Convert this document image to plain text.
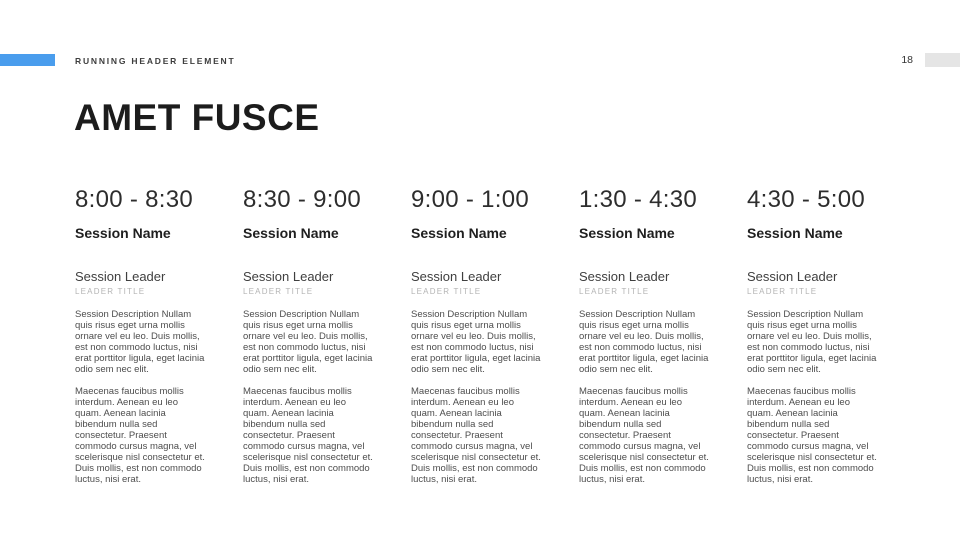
RUNNING HEADER ELEMENT	18
AMET FUSCE
8:00 - 8:30
Session Name
Session Leader
LEADER TITLE

Session Description Nullam quis risus eget urna mollis ornare vel eu leo. Duis mollis, est non commodo luctus, nisi erat porttitor ligula, eget lacinia odio sem nec elit.

Maecenas faucibus mollis interdum. Aenean eu leo quam. Aenean lacinia bibendum nulla sed consectetur. Praesent commodo cursus magna, vel scelerisque nisl consectetur et. Duis mollis, est non commodo luctus, nisi erat.

8:30 - 9:00
Session Name
Session Leader
LEADER TITLE

Session Description Nullam quis risus eget urna mollis ornare vel eu leo. Duis mollis, est non commodo luctus, nisi erat porttitor ligula, eget lacinia odio sem nec elit.

Maecenas faucibus mollis interdum. Aenean eu leo quam. Aenean lacinia bibendum nulla sed consectetur. Praesent commodo cursus magna, vel scelerisque nisl consectetur et. Duis mollis, est non commodo luctus, nisi erat.

9:00 - 1:00
Session Name
Session Leader
LEADER TITLE

Session Description Nullam quis risus eget urna mollis ornare vel eu leo. Duis mollis, est non commodo luctus, nisi erat porttitor ligula, eget lacinia odio sem nec elit.

Maecenas faucibus mollis interdum. Aenean eu leo quam. Aenean lacinia bibendum nulla sed consectetur. Praesent commodo cursus magna, vel scelerisque nisl consectetur et. Duis mollis, est non commodo luctus, nisi erat.

1:30 - 4:30
Session Name
Session Leader
LEADER TITLE

Session Description Nullam quis risus eget urna mollis ornare vel eu leo. Duis mollis, est non commodo luctus, nisi erat porttitor ligula, eget lacinia odio sem nec elit.

Maecenas faucibus mollis interdum. Aenean eu leo quam. Aenean lacinia bibendum nulla sed consectetur. Praesent commodo cursus magna, vel scelerisque nisl consectetur et. Duis mollis, est non commodo luctus, nisi erat.

4:30 - 5:00
Session Name
Session Leader
LEADER TITLE

Session Description Nullam quis risus eget urna mollis ornare vel eu leo. Duis mollis, est non commodo luctus, nisi erat porttitor ligula, eget lacinia odio sem nec elit.

Maecenas faucibus mollis interdum. Aenean eu leo quam. Aenean lacinia bibendum nulla sed consectetur. Praesent commodo cursus magna, vel scelerisque nisl consectetur et. Duis mollis, est non commodo luctus, nisi erat.
